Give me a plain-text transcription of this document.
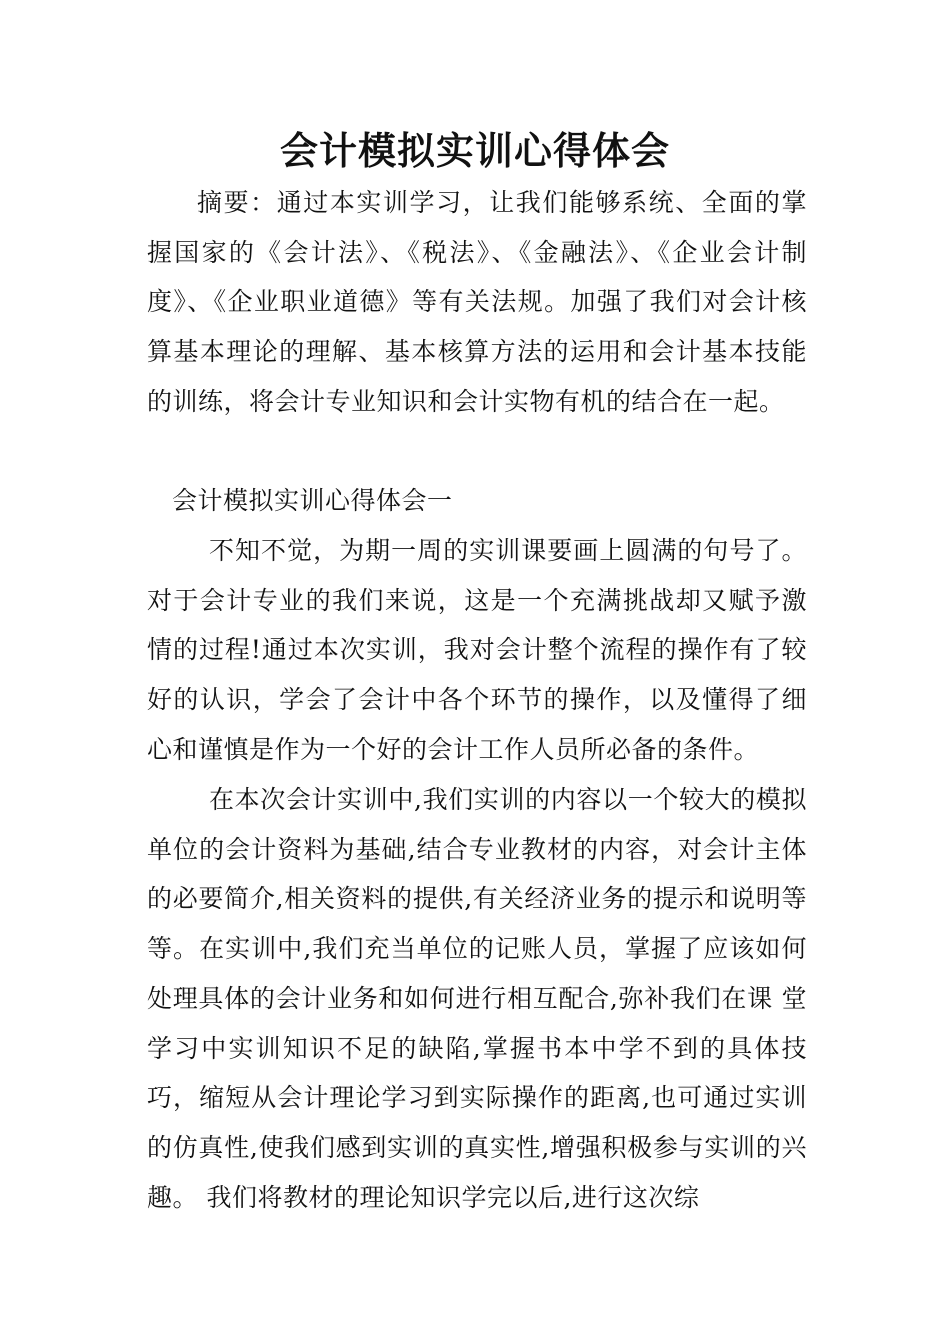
会计模拟实训心得体会

摘要：通过本实训学习，让我们能够系统、全面的掌握国家的《会计法》、《税法》、《金融法》、《企业会计制度》、《企业职业道德》等有关法规。加强了我们对会计核算基本理论的理解、基本核算方法的运用和会计基本技能的训练，将会计专业知识和会计实物有机的结合在一起。

会计模拟实训心得体会一

不知不觉，为期一周的实训课要画上圆满的句号了。对于会计专业的我们来说，这是一个充满挑战却又赋予激情的过程!通过本次实训，我对会计整个流程的操作有了较好的认识，学会了会计中各个环节的操作，以及懂得了细心和谨慎是作为一个好的会计工作人员所必备的条件。

在本次会计实训中,我们实训的内容以一个较大的模拟单位的会计资料为基础,结合专业教材的内容，对会计主体的必要简介,相关资料的提供,有关经济业务的提示和说明等等。在实训中,我们充当单位的记账人员，掌握了应该如何处理具体的会计业务和如何进行相互配合,弥补我们在课 堂学习中实训知识不足的缺陷,掌握书本中学不到的具体技巧，缩短从会计理论学习到实际操作的距离,也可通过实训的仿真性,使我们感到实训的真实性,增强积极参与实训的兴趣。 我们将教材的理论知识学完以后,进行这次综
